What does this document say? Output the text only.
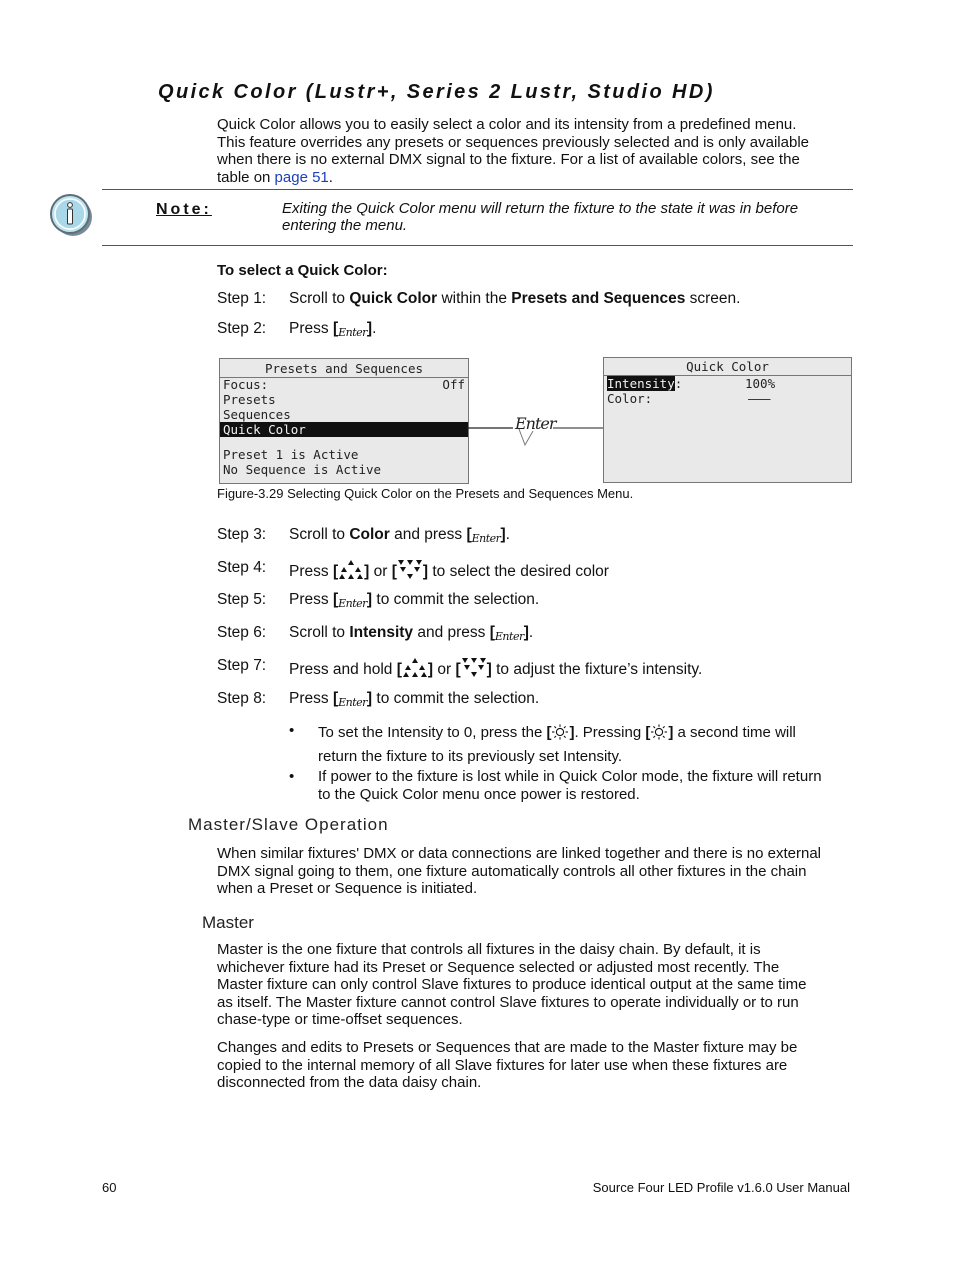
Quick Color (Lustr+, Series 2 Lustr, Studio HD)
Quick Color allows you to easily select a color and its intensity from a predefined menu.
This feature overrides any presets or sequences previously selected and is only available
when there is no external DMX signal to the fixture. For a list of available colors, see the
table on page 51.
Note:	Exiting the Quick Color menu will return the fixture to the state it was in before
entering the menu.
To select a Quick Color:
Step 1: Scroll to Quick Color within the Presets and Sequences screen.
Step 2: Press [Enter].
Presets and Sequences
Focus:	Off
Presets
Sequences
Quick Color
Preset 1 is Active
No Sequence is Active
Enter
Quick Color
Intensity:	100%
Color:	———
Figure-3.29 Selecting Quick Color on the Presets and Sequences Menu.
Step 3: Scroll to Color and press [Enter].
Step 4: Press [ ] or [ ] to select the desired color
Step 5: Press [Enter] to commit the selection.
Step 6: Scroll to Intensity and press [Enter].
Step 7: Press and hold [ ] or [ ] to adjust the fixture’s intensity.
Step 8: Press [Enter] to commit the selection.
• To set the Intensity to 0, press the [ ]. Pressing [ ] a second time will
return the fixture to its previously set Intensity.
• If power to the fixture is lost while in Quick Color mode, the fixture will return
to the Quick Color menu once power is restored.
Master/Slave Operation
When similar fixtures' DMX or data connections are linked together and there is no external
DMX signal going to them, one fixture automatically controls all other fixtures in the chain
when a Preset or Sequence is initiated.
Master
Master is the one fixture that controls all fixtures in the daisy chain. By default, it is
whichever fixture had its Preset or Sequence selected or adjusted most recently. The
Master fixture can only control Slave fixtures to produce identical output at the same time
as itself. The Master fixture cannot control Slave fixtures to operate individually or to run
chase-type or time-offset sequences.
Changes and edits to Presets or Sequences that are made to the Master fixture may be
copied to the internal memory of all Slave fixtures for later use when these fixtures are
disconnected from the data daisy chain.
60	Source Four LED Profile v1.6.0 User Manual
